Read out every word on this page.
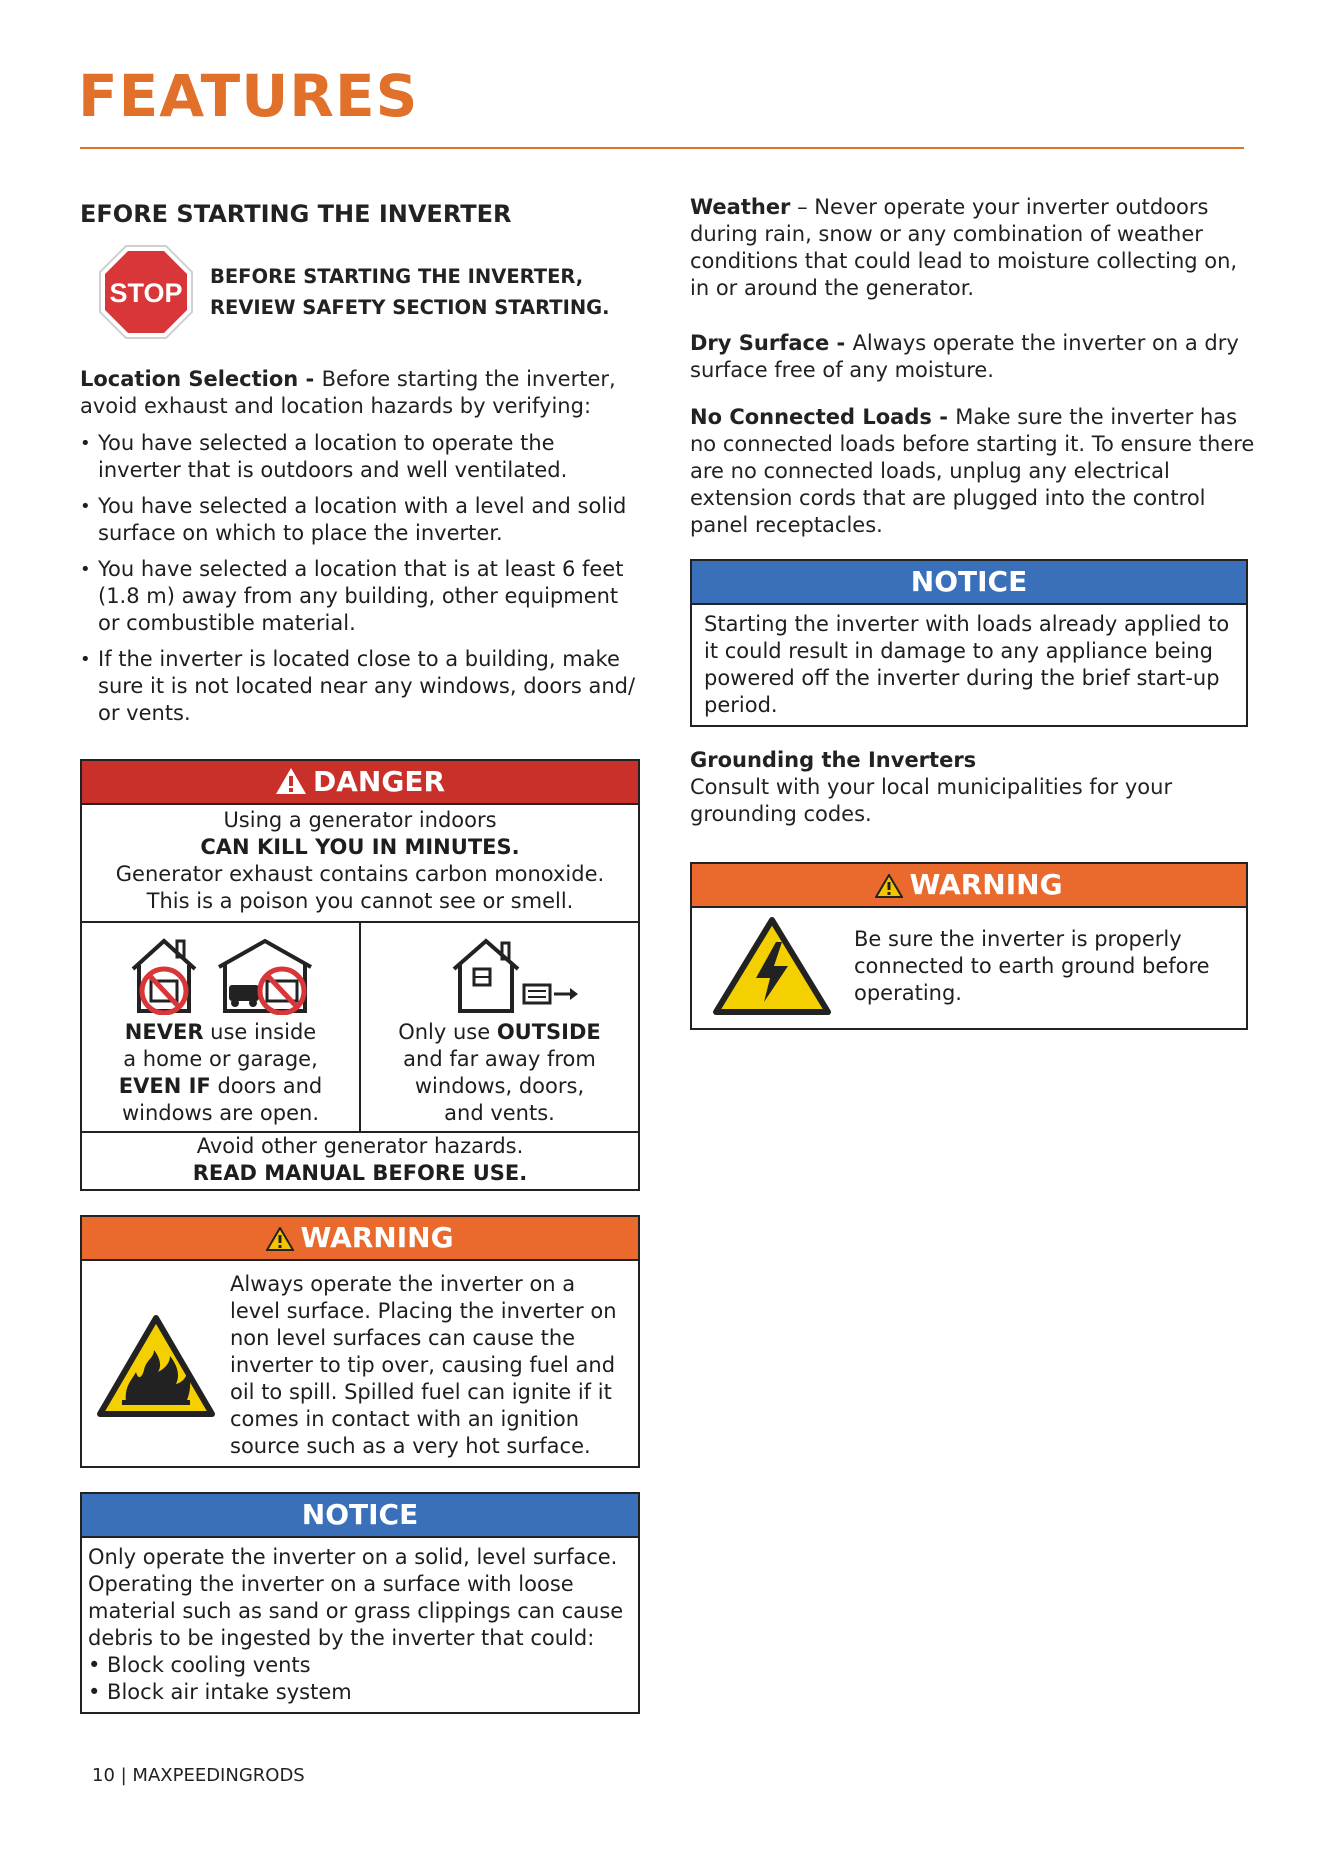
FEATURES
EFORE STARTING THE INVERTER
STOP
BEFORE STARTING THE INVERTER,
REVIEW SAFETY SECTION STARTING.

Location Selection - Before starting the inverter, avoid exhaust and location hazards by verifying:

• You have selected a location to operate the inverter that is outdoors and well ventilated.
• You have selected a location with a level and solid surface on which to place the inverter.
• You have selected a location that is at least 6 feet (1.8 m) away from any building, other equipment or combustible material.
• If the inverter is located close to a building, make sure it is not located near any windows, doors and/ or vents.
DANGER
Using a generator indoors
CAN KILL YOU IN MINUTES.
Generator exhaust contains carbon monoxide.
This is a poison you cannot see or smell.
NEVER use inside
a home or garage,
EVEN IF doors and
windows are open.
Only use OUTSIDE
and far away from
windows, doors,
and vents.
Avoid other generator hazards.
READ MANUAL BEFORE USE.
WARNING
Always operate the inverter on a level surface. Placing the inverter on non level surfaces can cause the inverter to tip over, causing fuel and oil to spill. Spilled fuel can ignite if it comes in contact with an ignition source such as a very hot surface.
NOTICE
Only operate the inverter on a solid, level surface. Operating the inverter on a surface with loose material such as sand or grass clippings can cause debris to be ingested by the inverter that could:
• Block cooling vents
• Block air intake system

Weather – Never operate your inverter outdoors during rain, snow or any combination of weather conditions that could lead to moisture collecting on, in or around the generator.

Dry Surface - Always operate the inverter on a dry surface free of any moisture.

No Connected Loads - Make sure the inverter has no connected loads before starting it. To ensure there are no connected loads, unplug any electrical extension cords that are plugged into the control panel receptacles.

NOTICE
Starting the inverter with loads already applied to it could result in damage to any appliance being powered off the inverter during the brief start-up period.

Grounding the Inverters
Consult with your local municipalities for your grounding codes.

WARNING
Be sure the inverter is properly connected to earth ground before operating.
10 | MAXPEEDINGRODS
